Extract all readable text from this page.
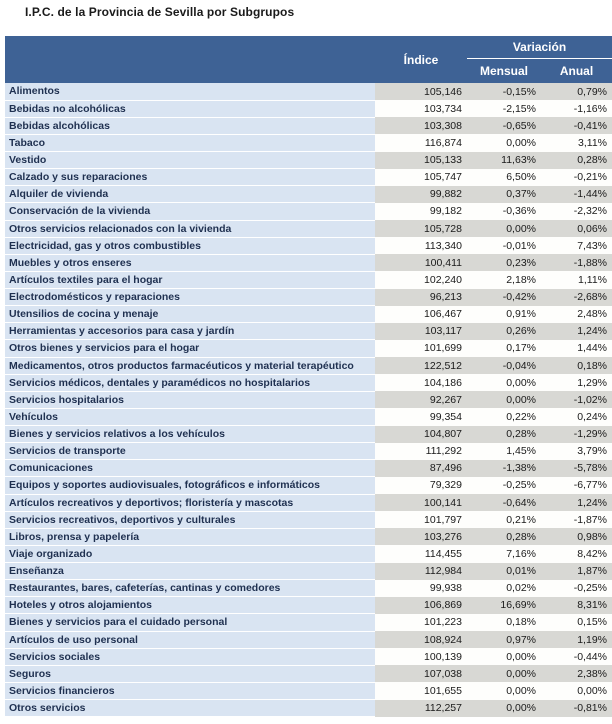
I.P.C. de la Provincia de Sevilla por Subgrupos
	Índice	Variación	
		Mensual	Anual
Alimentos	105,146	-0,15%	0,79%
Bebidas no alcohólicas	103,734	-2,15%	-1,16%
Bebidas alcohólicas	103,308	-0,65%	-0,41%
Tabaco	116,874	0,00%	3,11%
Vestido	105,133	11,63%	0,28%
Calzado y sus reparaciones	105,747	6,50%	-0,21%
Alquiler de vivienda	99,882	0,37%	-1,44%
Conservación de la vivienda	99,182	-0,36%	-2,32%
Otros servicios relacionados con la vivienda	105,728	0,00%	0,06%
Electricidad, gas y otros combustibles	113,340	-0,01%	7,43%
Muebles y otros enseres	100,411	0,23%	-1,88%
Artículos textiles para el hogar	102,240	2,18%	1,11%
Electrodomésticos y reparaciones	96,213	-0,42%	-2,68%
Utensilios de cocina y menaje	106,467	0,91%	2,48%
Herramientas y accesorios para casa y jardín	103,117	0,26%	1,24%
Otros bienes y servicios para el hogar	101,699	0,17%	1,44%
Medicamentos, otros productos farmacéuticos y material terapéutico	122,512	-0,04%	0,18%
Servicios médicos, dentales y paramédicos no hospitalarios	104,186	0,00%	1,29%
Servicios hospitalarios	92,267	0,00%	-1,02%
Vehículos	99,354	0,22%	0,24%
Bienes y servicios relativos a los vehículos	104,807	0,28%	-1,29%
Servicios de transporte	111,292	1,45%	3,79%
Comunicaciones	87,496	-1,38%	-5,78%
Equipos y soportes audiovisuales, fotográficos e informáticos	79,329	-0,25%	-6,77%
Artículos recreativos y deportivos; floristería y mascotas	100,141	-0,64%	1,24%
Servicios recreativos, deportivos y culturales	101,797	0,21%	-1,87%
Libros, prensa y papelería	103,276	0,28%	0,98%
Viaje organizado	114,455	7,16%	8,42%
Enseñanza	112,984	0,01%	1,87%
Restaurantes, bares, cafeterías, cantinas y comedores	99,938	0,02%	-0,25%
Hoteles y otros alojamientos	106,869	16,69%	8,31%
Bienes y servicios para el cuidado personal	101,223	0,18%	0,15%
Artículos de uso personal	108,924	0,97%	1,19%
Servicios sociales	100,139	0,00%	-0,44%
Seguros	107,038	0,00%	2,38%
Servicios financieros	101,655	0,00%	0,00%
Otros servicios	112,257	0,00%	-0,81%
